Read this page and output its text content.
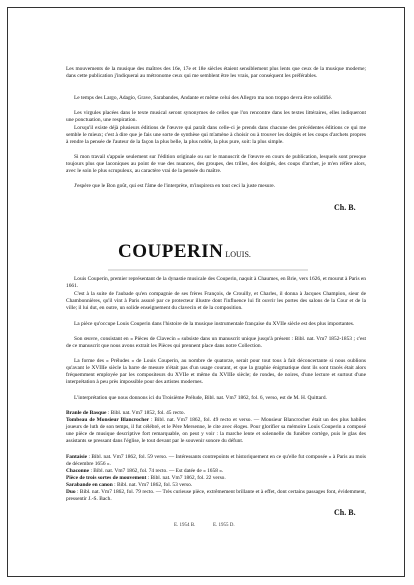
Les mouvements de la musique des maîtres des 16e, 17e et 18e siècles étaient sensiblement plus lents que ceux de la musique moderne; dans cette publication j'indiquerai au métronome ceux qui me semblent être les vrais, par conséquent les préférables.

Le temps des Largo, Adagio, Grave, Sarabandes, Andante et même celui des Allegro ma non troppo devra être solidifié.

Les virgules placées dans le texte musical seront synonymes de celles que l'on rencontre dans les textes littéraires, elles indiqueront une ponctuation, une respiration.

Lorsqu'il existe déjà plusieurs éditions de l'œuvre qui paraît dans celle-ci je prends dans chacune des précédentes éditions ce qui me semble le mieux; c'est à dire que je fais une sorte de synthèse qui m'amène à choisir ou à trouver les doigtés et les coups d'archets propres à rendre la pensée de l'auteur de la façon la plus belle, la plus noble, la plus pure, soit: la plus simple.

Si mon travail s'appuie seulement sur l'édition originale ou sur le manuscrit de l'œuvre en cours de publication, lesquels sont presque toujours plus que laconiques au point de vue des nuances, des groupes, des trilles, des doigtés, des coups d'archet, je m'en réfère alors, avec le soin le plus scrupuleux, au caractère vrai de la pensée du maître.

J'espère que le Bon goût, qui est l'âme de l'interprète, m'inspirera en tout ceci la juste mesure.

Ch. B.
COUPERIN LOUIS.

Louis Couperin, premier représentant de la dynastie musicale des Couperin, naquit à Chaumes, en Brie, vers 1626, et mourut à Paris en 1661.

C'est à la suite de l'aubade qu'en compagnie de ses frères François, de Crouilly, et Charles, il donna à Jacques Champion, sieur de Chambonnières, qu'il vint à Paris assuré par ce protecteur illustre dont l'influence lui fit ouvrir les portes des salons de la Cour et de la ville; il lui dut, en outre, un solide enseignement du clavecin et de la composition.

La pièce qu'occupe Louis Couperin dans l'histoire de la musique instrumentale française du XVIIe siècle est des plus importantes.

Son œuvre, consistant en « Pièces de Clavecin » subsiste dans un manuscrit unique jusqu'à présent : Bibl. nat. Vm7 1852-1853 ; c'est de ce manuscrit que nous avons extrait les Pièces qui prennent place dans notre Collection.

La forme des « Préludes » de Louis Couperin, au nombre de quatorze, serait pour tout tous à fait déconcertante si nous oublions qu'avant le XVIIIe siècle la barre de mesure n'était pas d'un usage courant, et que la graphie énigmatique dont ils sont tracés était alors fréquemment employée par les compositeurs du XVIIe et même du XVIIIe siècle; de rondes, de noires, d'une lecture et surtout d'une interprétation à peu près impossible pour des artistes modernes.

L'interprétation que nous donnons ici du Troisième Prélude, Bibl. nat. Vm7 1862, fol. 6, verso, est de M. H. Quittard.

Branle de Basque : Bibl. nat. Vm7 1852, fol. 45 recto.

Tombeau de Monsieur Blancrocher : Bibl. nat. Vm7 1862, fol. 49 recto et verso. — Monsieur Blancrocher était un des plus habiles joueurs de luth de son temps, il fut célébré, et le Père Mersenne, le cite avec éloges. Pour glorifier sa mémoire Louis Couperin a composé une pièce de musique descriptive fort remarquable, on peut y voir : la marche lente et solennelle du funèbre cortège, puis le glas des assistants se pressant dans l'église, le tout devant par le souvenir sonore du défunt.

Fantaisie : Bibl. nat. Vm7 1862, fol. 59 verso. — Intéressants contrepoints et historiquement en ce qu'elle fut composée « à Paris au mois de décembre 1656 ».

Chaconne : Bibl. nat. Vm7 1862, fol. 74 recto. — Est datée de « 1658 ».

Pièce de trois sortes de mouvement : Bibl. nat. Vm7 1862, fol. 22 verso.

Sarabande en canon : Bibl. nat. Vm7 1862, fol. 53 verso.

Duo : Bibl. nat. Vm7 1862, fol. 79 recto. — Très curieuse pièce, extrêmement brillante et à effet, dont certains passages font, évidemment, pressentir J.-S. Bach.

Ch. B.
E. 1954 B.	E. 1955 D.
